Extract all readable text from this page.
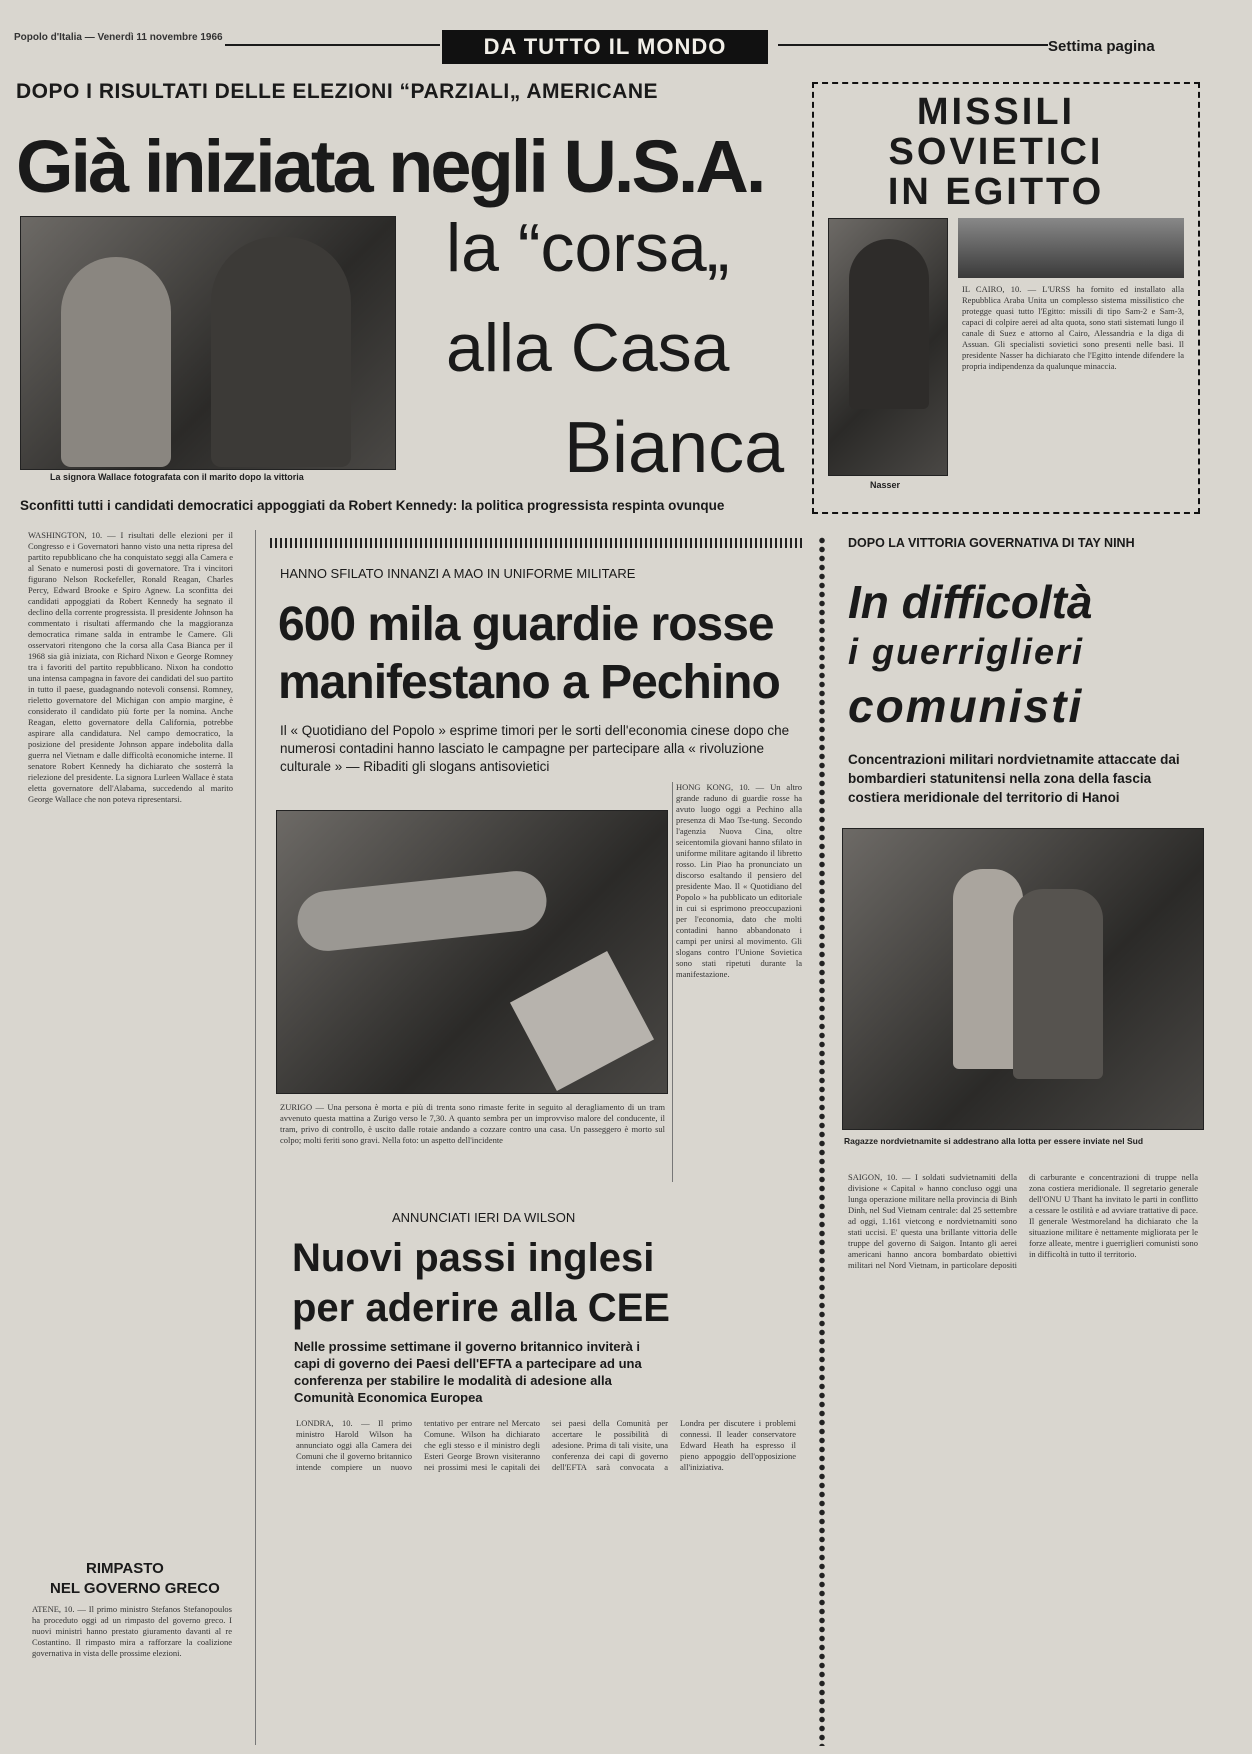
Popolo d'Italia — Venerdì 11 novembre 1966	DA TUTTO IL MONDO	Settima pagina
DOPO I RISULTATI DELLE ELEZIONI “PARZIALI„ AMERICANE
Già iniziata negli U.S.A.
La signora Wallace fotografata con il marito dopo la vittoria
la “corsa„
alla Casa
Bianca
Sconfitti tutti i candidati democratici appoggiati da Robert Kennedy: la politica progressista respinta ovunque
WASHINGTON, 10. — I risultati delle elezioni per il Congresso e i Governatori hanno visto una netta ripresa del partito repubblicano che ha conquistato seggi alla Camera e al Senato e numerosi posti di governatore. Tra i vincitori figurano Nelson Rockefeller, Ronald Reagan, Charles Percy, Edward Brooke e Spiro Agnew. La sconfitta dei candidati appoggiati da Robert Kennedy ha segnato il declino della corrente progressista. Il presidente Johnson ha commentato i risultati affermando che la maggioranza democratica rimane salda in entrambe le Camere. Gli osservatori ritengono che la corsa alla Casa Bianca per il 1968 sia già iniziata, con Richard Nixon e George Romney tra i favoriti del partito repubblicano. Nixon ha condotto una intensa campagna in favore dei candidati del suo partito in tutto il paese, guadagnando notevoli consensi. Romney, rieletto governatore del Michigan con ampio margine, è considerato il candidato più forte per la nomina. Anche Reagan, eletto governatore della California, potrebbe aspirare alla candidatura. Nel campo democratico, la posizione del presidente Johnson appare indebolita dalla guerra nel Vietnam e dalle difficoltà economiche interne. Il senatore Robert Kennedy ha dichiarato che sosterrà la rielezione del presidente. La signora Lurleen Wallace è stata eletta governatore dell'Alabama, succedendo al marito George Wallace che non poteva ripresentarsi.
MISSILI
SOVIETICI
IN EGITTO
Nasser
IL CAIRO, 10. — L'URSS ha fornito ed installato alla Repubblica Araba Unita un complesso sistema missilistico che protegge quasi tutto l'Egitto: missili di tipo Sam-2 e Sam-3, capaci di colpire aerei ad alta quota, sono stati sistemati lungo il canale di Suez e attorno al Cairo, Alessandria e la diga di Assuan. Gli specialisti sovietici sono presenti nelle basi. Il presidente Nasser ha dichiarato che l'Egitto intende difendere la propria indipendenza da qualunque minaccia.
HANNO SFILATO INNANZI A MAO IN UNIFORME MILITARE
600 mila guardie rosse
manifestano a Pechino
Il « Quotidiano del Popolo » esprime timori per le sorti dell'economia cinese dopo che numerosi contadini hanno lasciato le campagne per partecipare alla « rivoluzione culturale » — Ribaditi gli slogans antisovietici
HONG KONG, 10. — Un altro grande raduno di guardie rosse ha avuto luogo oggi a Pechino alla presenza di Mao Tse-tung. Secondo l'agenzia Nuova Cina, oltre seicentomila giovani hanno sfilato in uniforme militare agitando il libretto rosso. Lin Piao ha pronunciato un discorso esaltando il pensiero del presidente Mao. Il « Quotidiano del Popolo » ha pubblicato un editoriale in cui si esprimono preoccupazioni per l'economia, dato che molti contadini hanno abbandonato i campi per unirsi al movimento. Gli slogans contro l'Unione Sovietica sono stati ripetuti durante la manifestazione.
ZURIGO — Una persona è morta e più di trenta sono rimaste ferite in seguito al deragliamento di un tram avvenuto questa mattina a Zurigo verso le 7,30. A quanto sembra per un improvviso malore del conducente, il tram, privo di controllo, è uscito dalle rotaie andando a cozzare contro una casa. Un passeggero è morto sul colpo; molti feriti sono gravi. Nella foto: un aspetto dell'incidente
ANNUNCIATI IERI DA WILSON
Nuovi passi inglesi
per aderire alla CEE
Nelle prossime settimane il governo britannico inviterà i capi di governo dei Paesi dell'EFTA a partecipare ad una conferenza per stabilire le modalità di adesione alla Comunità Economica Europea
LONDRA, 10. — Il primo ministro Harold Wilson ha annunciato oggi alla Camera dei Comuni che il governo britannico intende compiere un nuovo tentativo per entrare nel Mercato Comune. Wilson ha dichiarato che egli stesso e il ministro degli Esteri George Brown visiteranno nei prossimi mesi le capitali dei sei paesi della Comunità per accertare le possibilità di adesione. Prima di tali visite, una conferenza dei capi di governo dell'EFTA sarà convocata a Londra per discutere i problemi connessi. Il leader conservatore Edward Heath ha espresso il pieno appoggio dell'opposizione all'iniziativa.
DOPO LA VITTORIA GOVERNATIVA DI TAY NINH
In difficoltà
i guerriglieri
comunisti
Concentrazioni militari nordvietnamite attaccate dai bombardieri statunitensi nella zona della fascia costiera meridionale del territorio di Hanoi
Ragazze nordvietnamite si addestrano alla lotta per essere inviate nel Sud
SAIGON, 10. — I soldati sudvietnamiti della divisione « Capital » hanno concluso oggi una lunga operazione militare nella provincia di Binh Dinh, nel Sud Vietnam centrale: dal 25 settembre ad oggi, 1.161 vietcong e nordvietnamiti sono stati uccisi. E' questa una brillante vittoria delle truppe del governo di Saigon. Intanto gli aerei americani hanno ancora bombardato obiettivi militari nel Nord Vietnam, in particolare depositi di carburante e concentrazioni di truppe nella zona costiera meridionale. Il segretario generale dell'ONU U Thant ha invitato le parti in conflitto a cessare le ostilità e ad avviare trattative di pace. Il generale Westmoreland ha dichiarato che la situazione militare è nettamente migliorata per le forze alleate, mentre i guerriglieri comunisti sono in difficoltà in tutto il territorio.
RIMPASTO
NEL GOVERNO GRECO
ATENE, 10. — Il primo ministro Stefanos Stefanopoulos ha proceduto oggi ad un rimpasto del governo greco. I nuovi ministri hanno prestato giuramento davanti al re Costantino. Il rimpasto mira a rafforzare la coalizione governativa in vista delle prossime elezioni.
